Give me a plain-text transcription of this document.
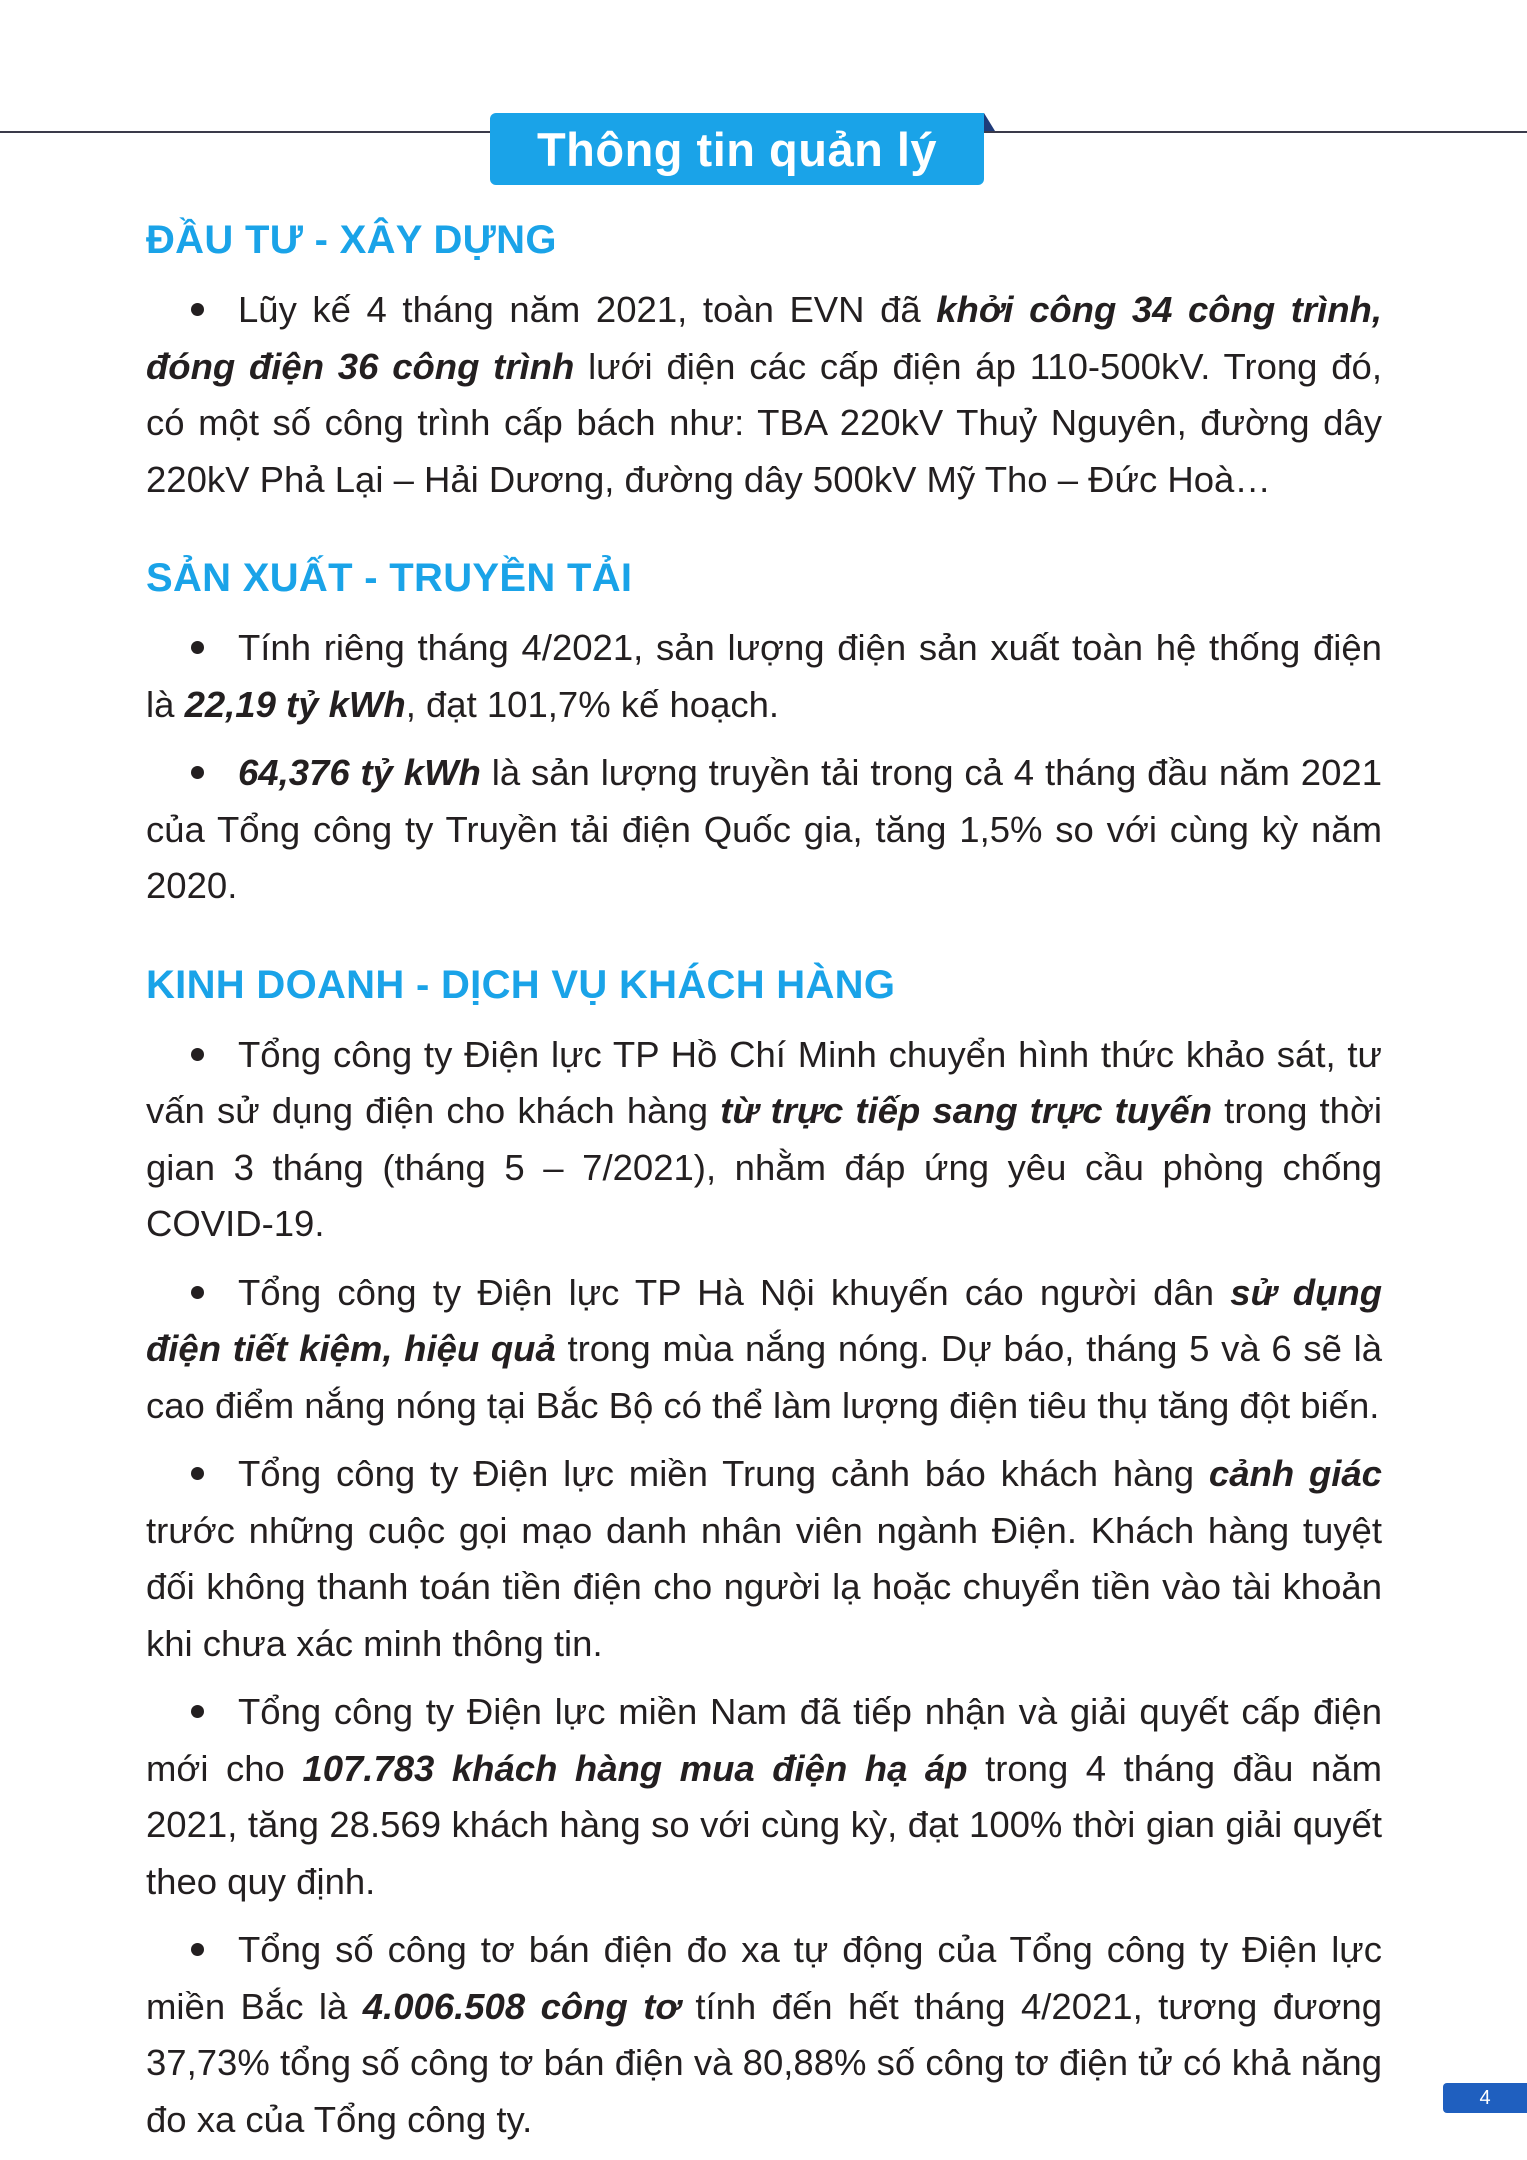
Thông tin quản lý
ĐẦU TƯ - XÂY DỰNG

Lũy kế 4 tháng năm 2021, toàn EVN đã khởi công 34 công trình, đóng điện 36 công trình lưới điện các cấp điện áp 110-500kV. Trong đó, có một số công trình cấp bách như: TBA 220kV Thuỷ Nguyên, đường dây 220kV Phả Lại – Hải Dương, đường dây 500kV Mỹ Tho – Đức Hoà…

SẢN XUẤT - TRUYỀN TẢI

Tính riêng tháng 4/2021, sản lượng điện sản xuất toàn hệ thống điện là 22,19 tỷ kWh, đạt 101,7% kế hoạch.

64,376 tỷ kWh là sản lượng truyền tải trong cả 4 tháng đầu năm 2021 của Tổng công ty Truyền tải điện Quốc gia, tăng 1,5% so với cùng kỳ năm 2020.

KINH DOANH - DỊCH VỤ KHÁCH HÀNG

Tổng công ty Điện lực TP Hồ Chí Minh chuyển hình thức khảo sát, tư vấn sử dụng điện cho khách hàng từ trực tiếp sang trực tuyến trong thời gian 3 tháng (tháng 5 – 7/2021), nhằm đáp ứng yêu cầu phòng chống COVID-19.

Tổng công ty Điện lực TP Hà Nội khuyến cáo người dân sử dụng điện tiết kiệm, hiệu quả trong mùa nắng nóng. Dự báo, tháng 5 và 6 sẽ là cao điểm nắng nóng tại Bắc Bộ có thể làm lượng điện tiêu thụ tăng đột biến.

Tổng công ty Điện lực miền Trung cảnh báo khách hàng cảnh giác trước những cuộc gọi mạo danh nhân viên ngành Điện. Khách hàng tuyệt đối không thanh toán tiền điện cho người lạ hoặc chuyển tiền vào tài khoản khi chưa xác minh thông tin.

Tổng công ty Điện lực miền Nam đã tiếp nhận và giải quyết cấp điện mới cho 107.783 khách hàng mua điện hạ áp trong 4 tháng đầu năm 2021, tăng 28.569 khách hàng so với cùng kỳ, đạt 100% thời gian giải quyết theo quy định.

Tổng số công tơ bán điện đo xa tự động của Tổng công ty Điện lực miền Bắc là 4.006.508 công tơ tính đến hết tháng 4/2021, tương đương 37,73% tổng số công tơ bán điện và 80,88% số công tơ điện tử có khả năng đo xa của Tổng công ty.

4
